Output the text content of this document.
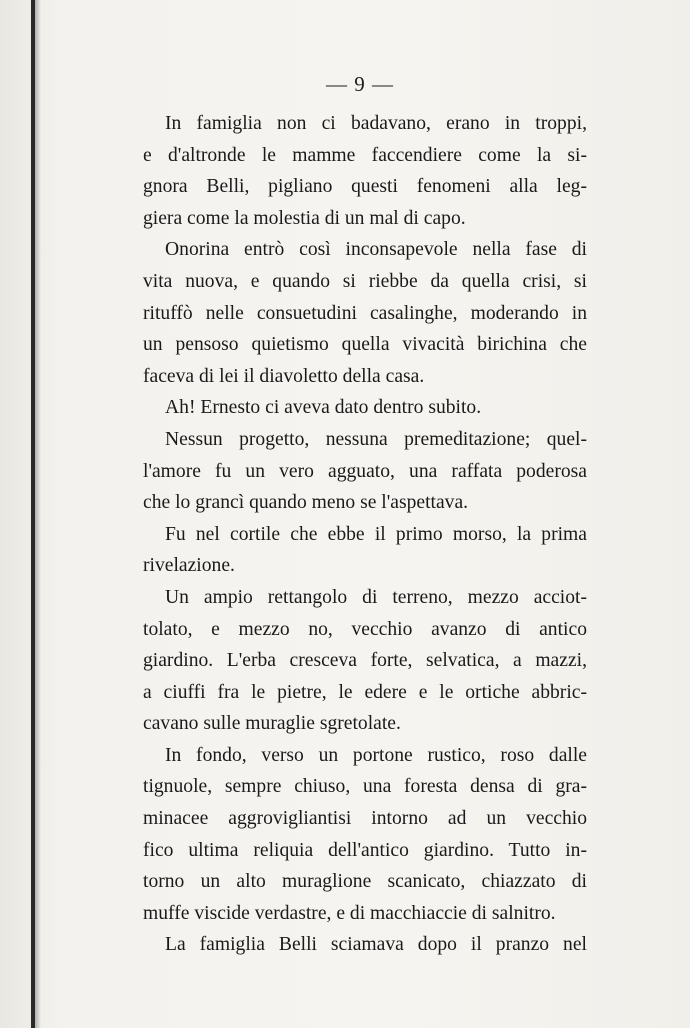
— 9 —

In famiglia non ci badavano, erano in troppi,
e d'altronde le mamme faccendiere come la si-
gnora Belli, pigliano questi fenomeni alla leg-
giera come la molestia di un mal di capo.

Onorina entrò così inconsapevole nella fase di
vita nuova, e quando si riebbe da quella crisi, si
rituffò nelle consuetudini casalinghe, moderando in
un pensoso quietismo quella vivacità birichina che
faceva di lei il diavoletto della casa.

Ah! Ernesto ci aveva dato dentro subito.

Nessun progetto, nessuna premeditazione; quel-
l'amore fu un vero agguato, una raffata poderosa
che lo grancì quando meno se l'aspettava.

Fu nel cortile che ebbe il primo morso, la prima
rivelazione.

Un ampio rettangolo di terreno, mezzo acciot-
tolato, e mezzo no, vecchio avanzo di antico
giardino. L'erba cresceva forte, selvatica, a mazzi,
a ciuffi fra le pietre, le edere e le ortiche abbric-
cavano sulle muraglie sgretolate.

In fondo, verso un portone rustico, roso dalle
tignuole, sempre chiuso, una foresta densa di gra-
minacee aggrovigliantisi intorno ad un vecchio
fico ultima reliquia dell'antico giardino. Tutto in-
torno un alto muraglione scanicato, chiazzato di
muffe viscide verdastre, e di macchiaccie di salnitro.

La famiglia Belli sciamava dopo il pranzo nel
